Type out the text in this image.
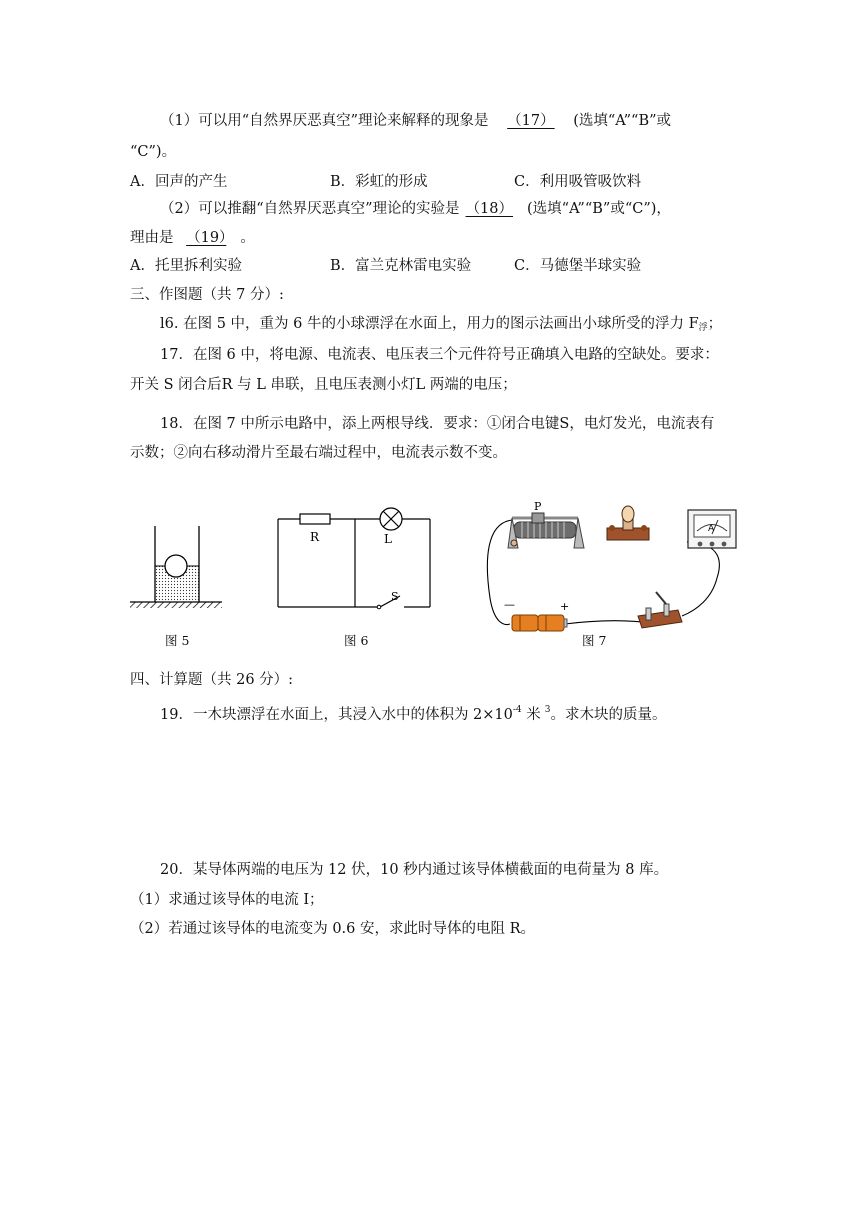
（1）可以用“自然界厌恶真空”理论来解释的现象是 （17） (选填“A”“B”或
“C”)。
A．回声的产生	B．彩虹的形成	C．利用吸管吸饮料
（2）可以推翻“自然界厌恶真空”理论的实验是 （18） (选填“A”“B”或“C”)，
理由是 （19） 。
A．托里拆利实验	B．富兰克林雷电实验	C．马德堡半球实验
三、作图题（共 7 分）:
l6. 在图 5 中，重为 6 牛的小球漂浮在水面上，用力的图示法画出小球所受的浮力 $F_浮$；
17．在图 6 中，将电源、电流表、电压表三个元件符号正确填入电路的空缺处。要求：
开关 S 闭合后R 与 L 串联，且电压表测小灯L 两端的电压；
18．在图 7 中所示电路中，添上两根导线．要求：①闭合电键S，电灯发光，电流表有
示数；②向右移动滑片至最右端过程中，电流表示数不变。
图 5
R	L
S
图 6
P
A
—	+
图 7
四、计算题（共 26 分）:
19．一木块漂浮在水面上，其浸入水中的体积为 $2\times 10^{-4}$ 米 $^3$。求木块的质量。
20．某导体两端的电压为 12 伏，10 秒内通过该导体横截面的电荷量为 8 库。
（1）求通过该导体的电流 I；
（2）若通过该导体的电流变为 0.6 安，求此时导体的电阻 R。
